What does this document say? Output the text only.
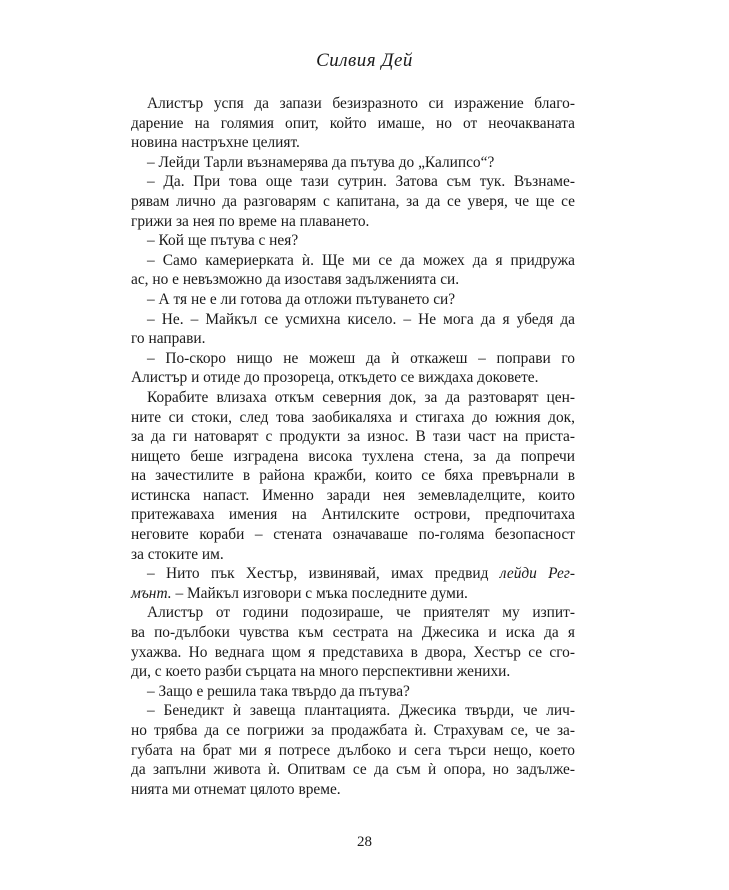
Силвия Дей
Алистър успя да запази безизразното си изражение благо-
дарение на голямия опит, който имаше, но от неочакваната
новина настръхне целият.
– Лейди Тарли възнамерява да пътува до „Калипсо“?
– Да. При това още тази сутрин. Затова съм тук. Възнаме-
рявам лично да разговарям с капитана, за да се уверя, че ще се
грижи за нея по време на плаването.
– Кой ще пътува с нея?
– Само камериерката ѝ. Ще ми се да можех да я придружа
ас, но е невъзможно да изоставя задълженията си.
– А тя не е ли готова да отложи пътуването си?
– Не. – Майкъл се усмихна кисело. – Не мога да я убедя да
го направи.
– По-скоро нищо не можеш да ѝ откажеш – поправи го
Алистър и отиде до прозореца, откъдето се виждаха доковете.
Корабите влизаха откъм северния док, за да разтоварят цен-
ните си стоки, след това заобикаляха и стигаха до южния док,
за да ги натоварят с продукти за износ. В тази част на приста-
нището беше изградена висока тухлена стена, за да попречи
на зачестилите в района кражби, които се бяха превърнали в
истинска напаст. Именно заради нея земевладелците, които
притежаваха имения на Антилските острови, предпочитаха
неговите кораби – стената означаваше по-голяма безопасност
за стоките им.
– Нито пък Хестър, извинявай, имах предвид лейди Рег-
мънт. – Майкъл изговори с мъка последните думи.
Алистър от години подозираше, че приятелят му изпит-
ва по-дълбоки чувства към сестрата на Джесика и иска да я
ухажва. Но веднага щом я представиха в двора, Хестър се сго-
ди, с което разби сърцата на много перспективни женихи.
– Защо е решила така твърдо да пътува?
– Бенедикт ѝ завеща плантацията. Джесика твърди, че лич-
но трябва да се погрижи за продажбата ѝ. Страхувам се, че за-
губата на брат ми я потресе дълбоко и сега търси нещо, което
да запълни живота ѝ. Опитвам се да съм ѝ опора, но задълже-
нията ми отнемат цялото време.
28
